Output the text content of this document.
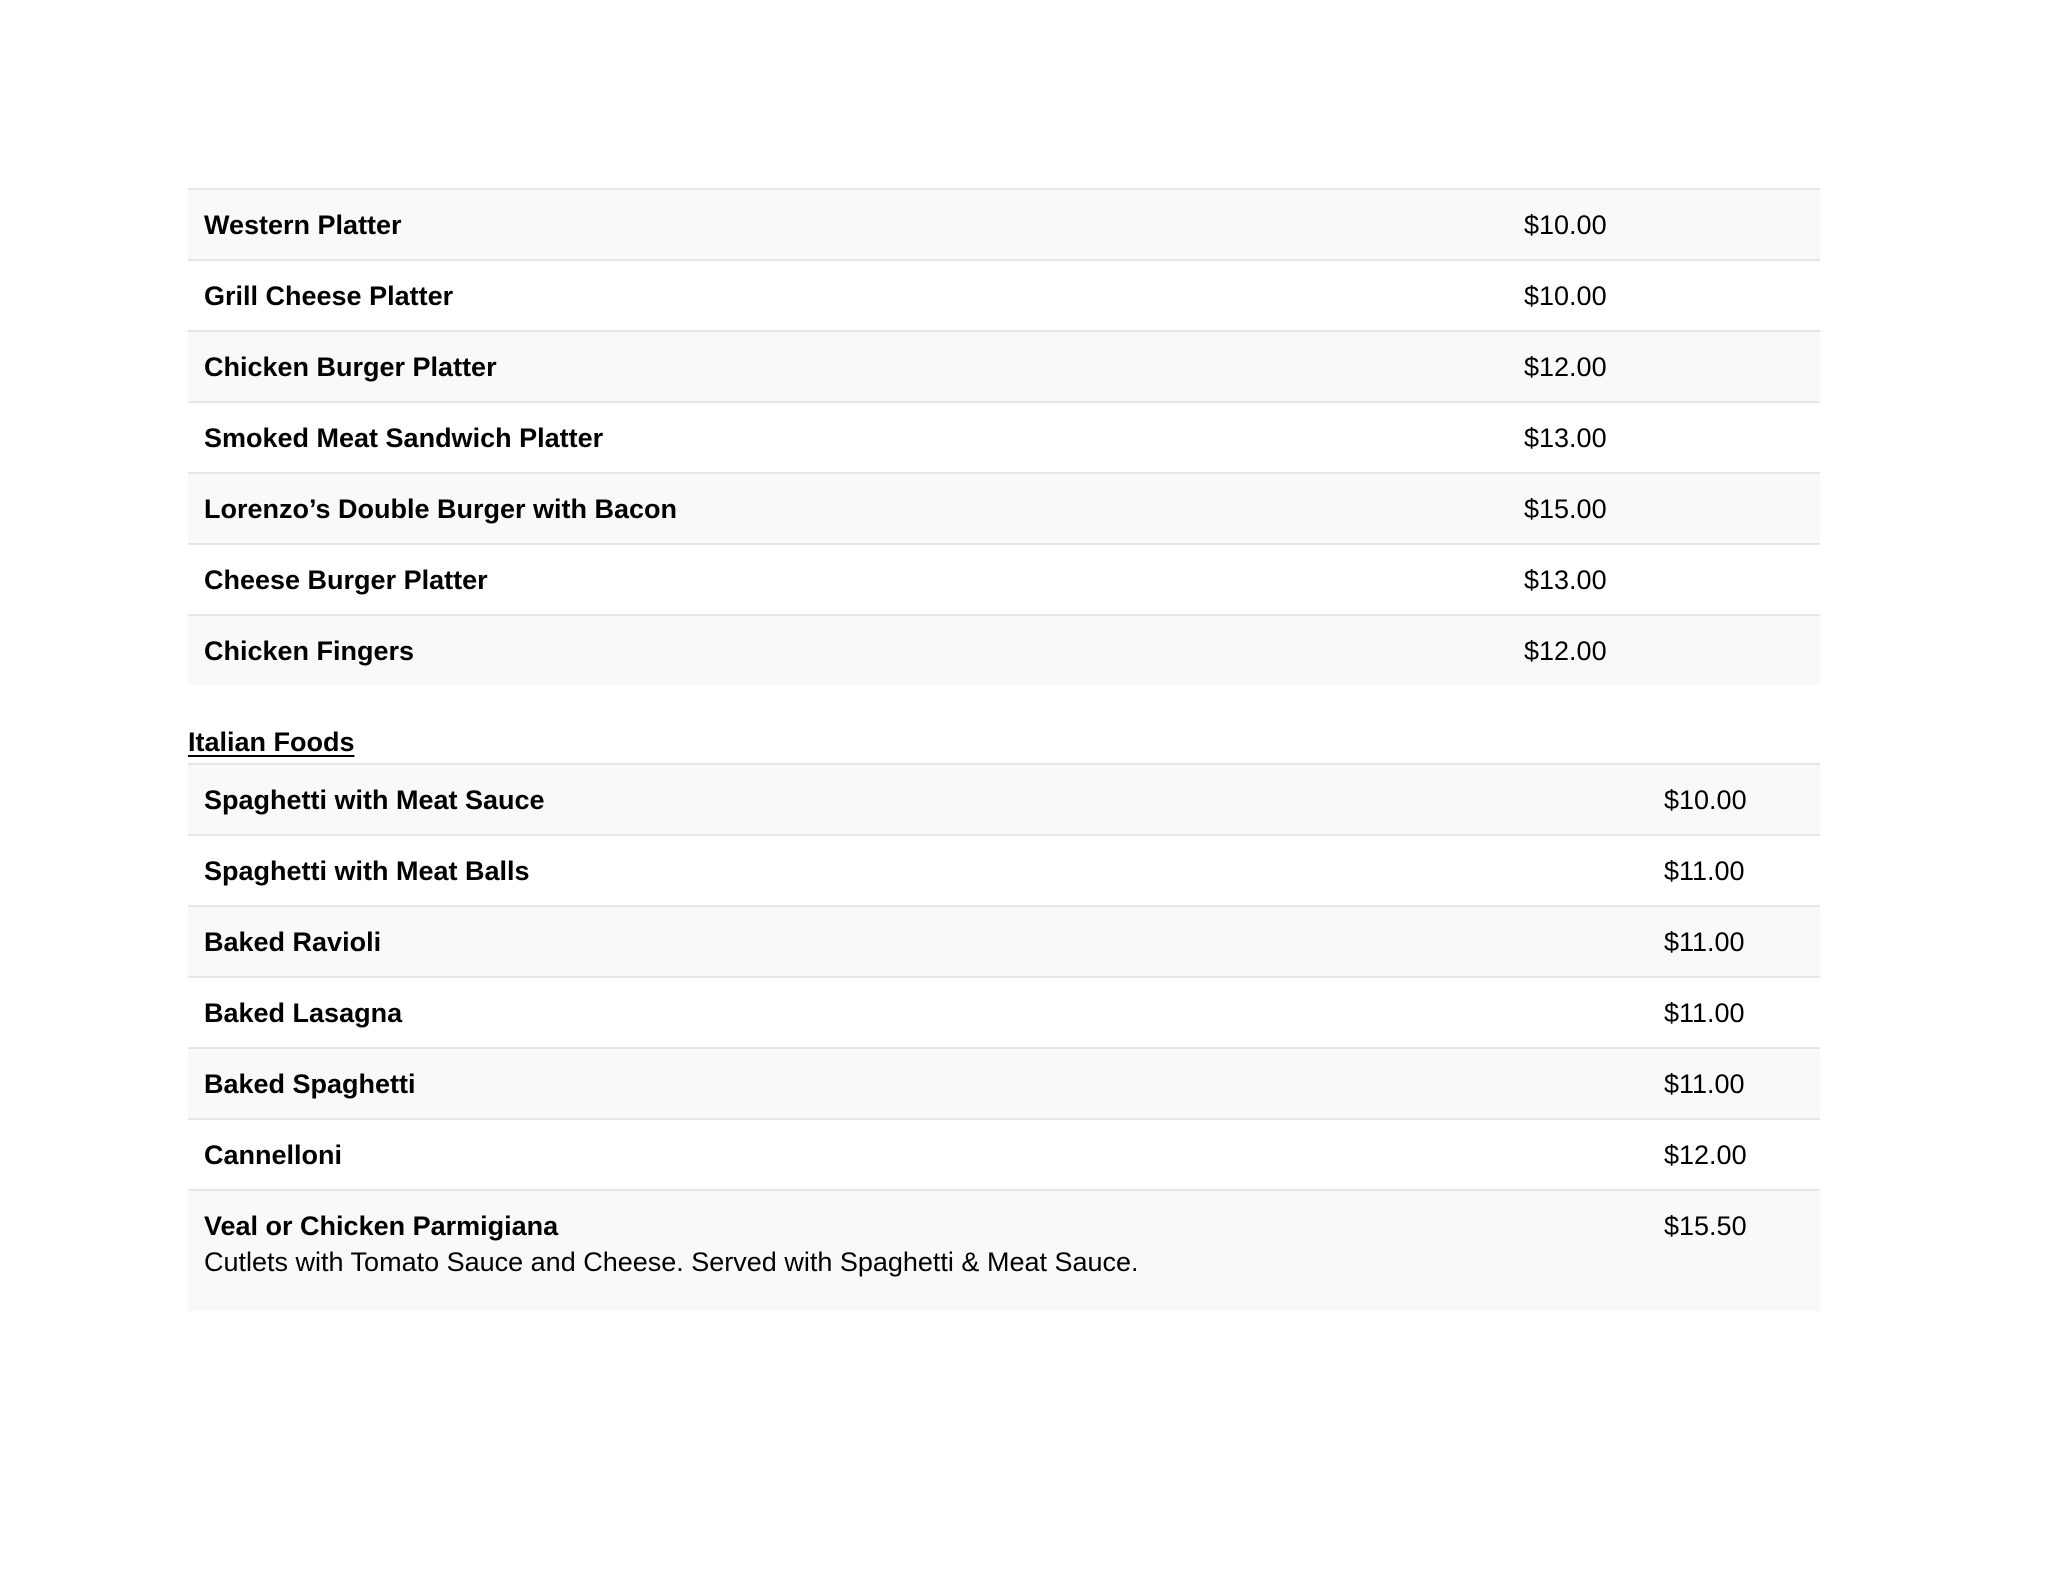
Western Platter	$10.00

Grill Cheese Platter	$10.00

Chicken Burger Platter	$12.00

Smoked Meat Sandwich Platter	$13.00

Lorenzo’s Double Burger with Bacon	$15.00

Cheese Burger Platter	$13.00

Chicken Fingers	$12.00
Italian Foods
Spaghetti with Meat Sauce	$10.00

Spaghetti with Meat Balls	$11.00

Baked Ravioli	$11.00

Baked Lasagna	$11.00

Baked Spaghetti	$11.00

Cannelloni	$12.00

Veal or Chicken Parmigiana
Cutlets with Tomato Sauce and Cheese. Served with Spaghetti & Meat Sauce.	$15.50
